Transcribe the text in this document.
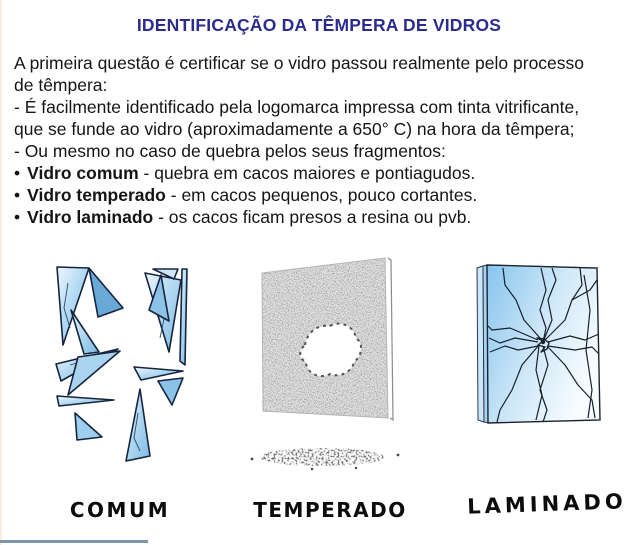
IDENTIFICAÇÃO DA TÊMPERA DE VIDROS
A primeira questão é certificar se o vidro passou realmente pelo processo
de têmpera:
- É facilmente identificado pela logomarca impressa com tinta vitrificante,
que se funde ao vidro (aproximadamente a 650° C) na hora da têmpera;
- Ou mesmo no caso de quebra pelos seus fragmentos:
• Vidro comum - quebra em cacos maiores e pontiagudos.
• Vidro temperado - em cacos pequenos, pouco cortantes.
• Vidro laminado - os cacos ficam presos a resina ou pvb.
COMUM	TEMPERADO	LAMINADO
